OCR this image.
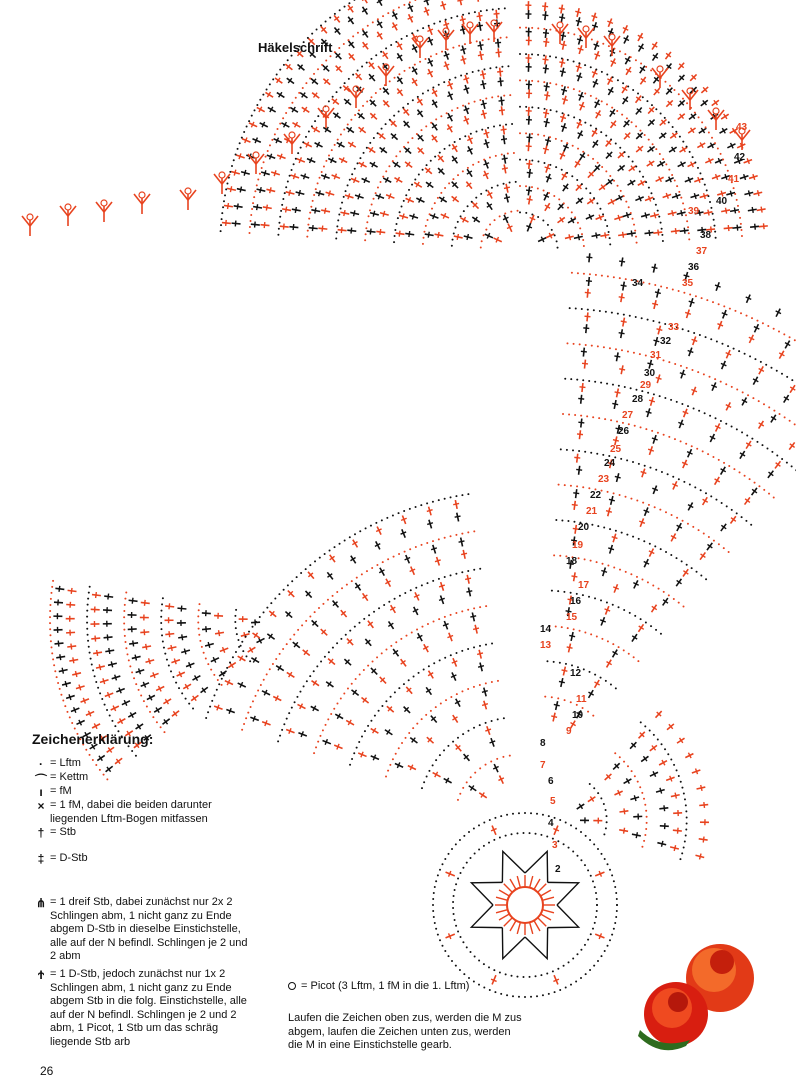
2
3
4
5
6
7
8
9
10
11
12
13
14
15
16
17
18
19
20
21
22
23
24
25
26
27
28
29
30
31
32
33
34	35
36
37
38
39
40
41
42
43
Häkelschrift
Zeichenerklärung:
· = Lftm
⌒ = Kettm
ı = fM
× = 1 fM, dabei die beiden darunter liegenden Lftm-Bogen mitfassen
† = Stb
‡ = D-Stb
⋔ = 1 dreif Stb, dabei zunächst nur 2x 2 Schlingen abm, 1 nicht ganz zu Ende abgem D-Stb in dieselbe Einstichstelle, alle auf der N befindl. Schlingen je 2 und 2 abm
Ϯ = 1 D-Stb, jedoch zunächst nur 1x 2 Schlingen abm, 1 nicht ganz zu Ende abgem Stb in die folg. Einstichstelle, alle auf der N befindl. Schlingen je 2 und 2 abm, 1 Picot, 1 Stb um das schräg liegende Stb arb
= Picot (3 Lftm, 1 fM in die 1. Lftm)
Laufen die Zeichen oben zus, werden die M zus abgem, laufen die Zeichen unten zus, werden die M in eine Einstichstelle gearb.
26
